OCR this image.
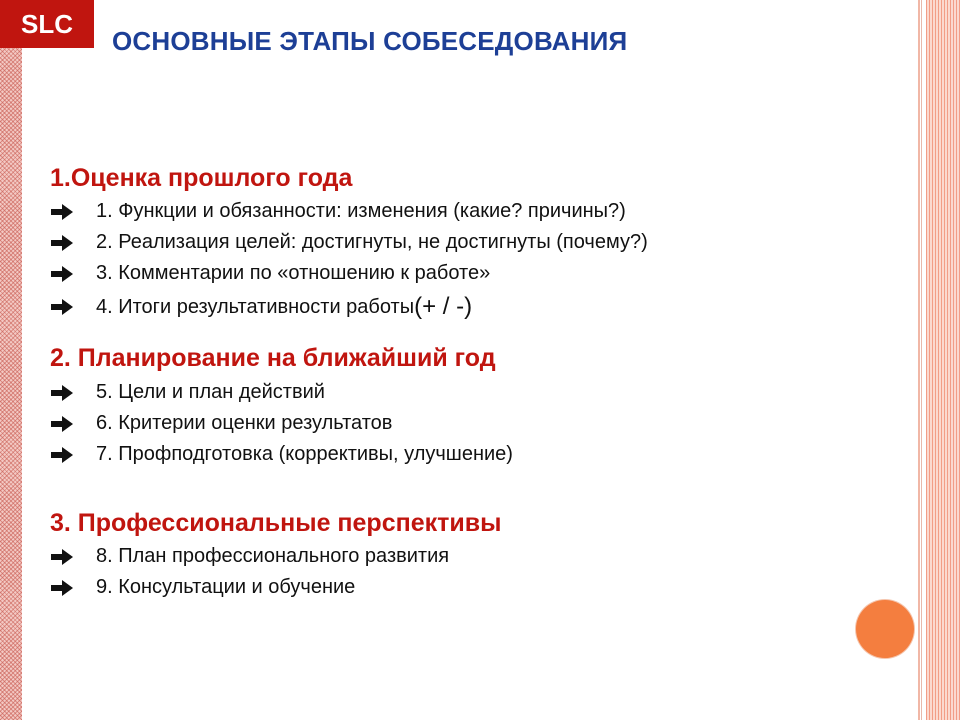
SLC
ОСНОВНЫЕ ЭТАПЫ СОБЕСЕДОВАНИЯ
1.Оценка прошлого года
1. Функции и обязанности: изменения (какие? причины?)
2. Реализация целей: достигнуты, не достигнуты (почему?)
3. Комментарии по «отношению к работе»
4. Итоги результативности работы (+ / -)
2. Планирование на ближайший год
5. Цели и план действий
6. Критерии оценки результатов
7. Профподготовка (коррективы, улучшение)
3. Профессиональные перспективы
8. План профессионального развития
9. Консультации и обучение
